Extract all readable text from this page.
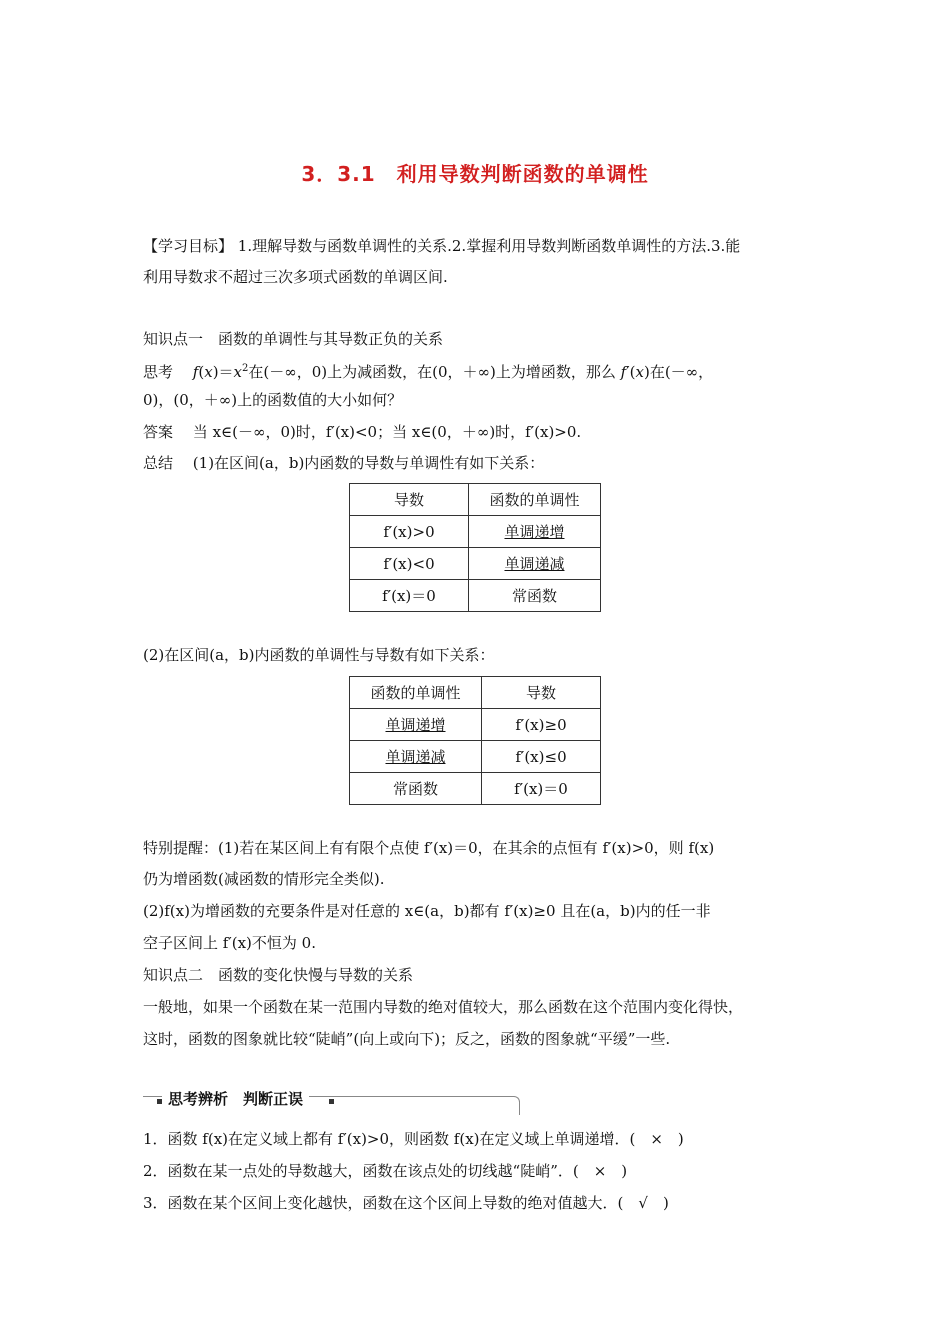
3．3.1　利用导数判断函数的单调性
【学习目标】 1.理解导数与函数单调性的关系.2.掌握利用导数判断函数单调性的方法.3.能
利用导数求不超过三次多项式函数的单调区间.
知识点一　函数的单调性与其导数正负的关系
思考　 $f(x)=x^2$在(－∞，0)上为减函数，在(0，＋∞)上为增函数，那么 f′(x)在(－∞，
0)，(0，＋∞)上的函数值的大小如何？
答案　 当 x∈(－∞，0)时，f′(x)<0；当 x∈(0，＋∞)时，f′(x)>0.
总结　 (1)在区间(a，b)内函数的导数与单调性有如下关系：
导数	函数的单调性
f′(x)>0	单调递增
f′(x)<0	单调递减
f′(x)＝0	常函数
(2)在区间(a，b)内函数的单调性与导数有如下关系：
函数的单调性	导数
单调递增	f′(x)≥0
单调递减	f′(x)≤0
常函数	f′(x)＝0
特别提醒：(1)若在某区间上有有限个点使 f′(x)＝0，在其余的点恒有 f′(x)>0，则 f(x)
仍为增函数(减函数的情形完全类似).
(2)f(x)为增函数的充要条件是对任意的 x∈(a，b)都有 f′(x)≥0 且在(a，b)内的任一非
空子区间上 f′(x)不恒为 0.
知识点二　函数的变化快慢与导数的关系
一般地，如果一个函数在某一范围内导数的绝对值较大，那么函数在这个范围内变化得快，
这时，函数的图象就比较“陡峭”(向上或向下)；反之，函数的图象就“平缓”一些.
思考辨析　判断正误
1．函数 f(x)在定义域上都有 f′(x)>0，则函数 f(x)在定义域上单调递增．(　×　)
2．函数在某一点处的导数越大，函数在该点处的切线越“陡峭”．(　×　)
3．函数在某个区间上变化越快，函数在这个区间上导数的绝对值越大．(　√　)
